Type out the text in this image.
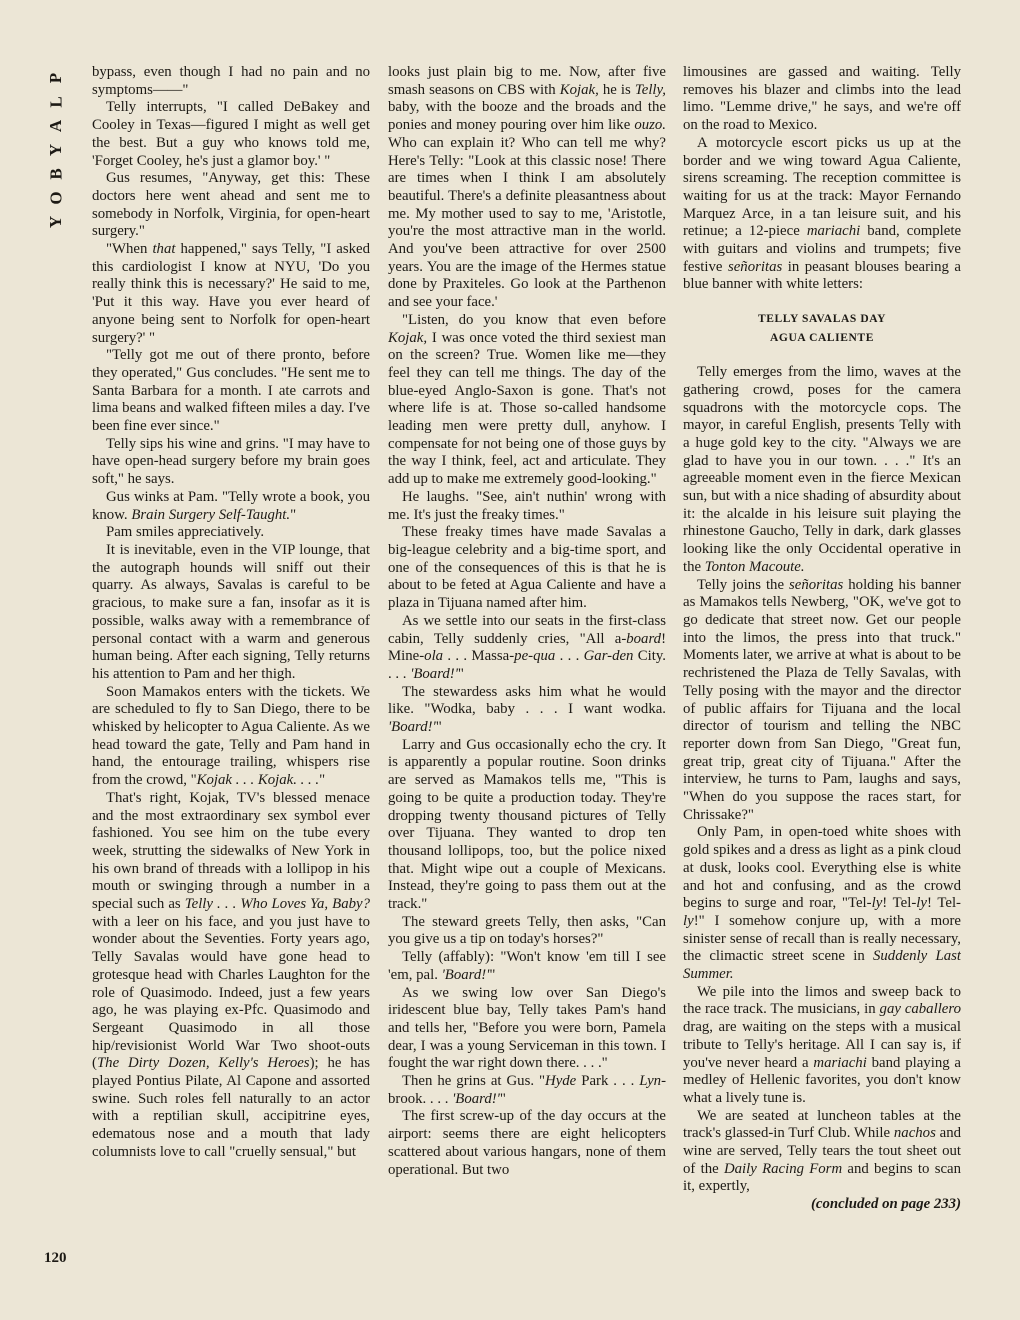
P
L
A
Y
B
O
Y

bypass, even though I had no pain and no symptoms——"

Telly interrupts, "I called DeBakey and Cooley in Texas—figured I might as well get the best. But a guy who knows told me, 'Forget Cooley, he's just a glamor boy.' "

Gus resumes, "Anyway, get this: These doctors here went ahead and sent me to somebody in Norfolk, Virginia, for open-heart surgery."

"When that happened," says Telly, "I asked this cardiologist I know at NYU, 'Do you really think this is necessary?' He said to me, 'Put it this way. Have you ever heard of anyone being sent to Norfolk for open-heart surgery?' "

"Telly got me out of there pronto, before they operated," Gus concludes. "He sent me to Santa Barbara for a month. I ate carrots and lima beans and walked fifteen miles a day. I've been fine ever since."

Telly sips his wine and grins. "I may have to have open-head surgery before my brain goes soft," he says.

Gus winks at Pam. "Telly wrote a book, you know. Brain Surgery Self-Taught."

Pam smiles appreciatively.

It is inevitable, even in the VIP lounge, that the autograph hounds will sniff out their quarry. As always, Savalas is careful to be gracious, to make sure a fan, insofar as it is possible, walks away with a remembrance of personal contact with a warm and generous human being. After each signing, Telly returns his attention to Pam and her thigh.

Soon Mamakos enters with the tickets. We are scheduled to fly to San Diego, there to be whisked by helicopter to Agua Caliente. As we head toward the gate, Telly and Pam hand in hand, the entourage trailing, whispers rise from the crowd, "Kojak . . . Kojak. . . ."

That's right, Kojak, TV's blessed menace and the most extraordinary sex symbol ever fashioned. You see him on the tube every week, strutting the sidewalks of New York in his own brand of threads with a lollipop in his mouth or swinging through a number in a special such as Telly . . . Who Loves Ya, Baby? with a leer on his face, and you just have to wonder about the Seventies. Forty years ago, Telly Savalas would have gone head to grotesque head with Charles Laughton for the role of Quasimodo. Indeed, just a few years ago, he was playing ex-Pfc. Quasimodo and Sergeant Quasimodo in all those hip/revisionist World War Two shoot-outs (The Dirty Dozen, Kelly's Heroes); he has played Pontius Pilate, Al Capone and assorted swine. Such roles fell naturally to an actor with a reptilian skull, accipitrine eyes, edematous nose and a mouth that lady columnists love to call "cruelly sensual," but

looks just plain big to me. Now, after five smash seasons on CBS with Kojak, he is Telly, baby, with the booze and the broads and the ponies and money pouring over him like ouzo. Who can explain it? Who can tell me why? Here's Telly: "Look at this classic nose! There are times when I think I am absolutely beautiful. There's a definite pleasantness about me. My mother used to say to me, 'Aristotle, you're the most attractive man in the world. And you've been attractive for over 2500 years. You are the image of the Hermes statue done by Praxiteles. Go look at the Parthenon and see your face.'

"Listen, do you know that even before Kojak, I was once voted the third sexiest man on the screen? True. Women like me—they feel they can tell me things. The day of the blue-eyed Anglo-Saxon is gone. That's not where life is at. Those so-called handsome leading men were pretty dull, anyhow. I compensate for not being one of those guys by the way I think, feel, act and articulate. They add up to make me extremely good-looking."

He laughs. "See, ain't nuthin' wrong with me. It's just the freaky times."

These freaky times have made Savalas a big-league celebrity and a big-time sport, and one of the consequences of this is that he is about to be feted at Agua Caliente and have a plaza in Tijuana named after him.

As we settle into our seats in the first-class cabin, Telly suddenly cries, "All a-board! Mine-ola . . . Massa-pe-qua . . . Gar-den City. . . . 'Board!'"

The stewardess asks him what he would like. "Wodka, baby . . . I want wodka. 'Board!'"

Larry and Gus occasionally echo the cry. It is apparently a popular routine. Soon drinks are served as Mamakos tells me, "This is going to be quite a production today. They're dropping twenty thousand pictures of Telly over Tijuana. They wanted to drop ten thousand lollipops, too, but the police nixed that. Might wipe out a couple of Mexicans. Instead, they're going to pass them out at the track."

The steward greets Telly, then asks, "Can you give us a tip on today's horses?"

Telly (affably): "Won't know 'em till I see 'em, pal. 'Board!'"

As we swing low over San Diego's iridescent blue bay, Telly takes Pam's hand and tells her, "Before you were born, Pamela dear, I was a young Serviceman in this town. I fought the war right down there. . . ."

Then he grins at Gus. "Hyde Park . . . Lyn-brook. . . . 'Board!'"

The first screw-up of the day occurs at the airport: seems there are eight helicopters scattered about various hangars, none of them operational. But two

limousines are gassed and waiting. Telly removes his blazer and climbs into the lead limo. "Lemme drive," he says, and we're off on the road to Mexico.

A motorcycle escort picks us up at the border and we wing toward Agua Caliente, sirens screaming. The reception committee is waiting for us at the track: Mayor Fernando Marquez Arce, in a tan leisure suit, and his retinue; a 12-piece mariachi band, complete with guitars and violins and trumpets; five festive señoritas in peasant blouses bearing a blue banner with white letters:

TELLY SAVALAS DAY
AGUA CALIENTE

Telly emerges from the limo, waves at the gathering crowd, poses for the camera squadrons with the motorcycle cops. The mayor, in careful English, presents Telly with a huge gold key to the city. "Always we are glad to have you in our town. . . ." It's an agreeable moment even in the fierce Mexican sun, but with a nice shading of absurdity about it: the alcalde in his leisure suit playing the rhinestone Gaucho, Telly in dark, dark glasses looking like the only Occidental operative in the Tonton Macoute.

Telly joins the señoritas holding his banner as Mamakos tells Newberg, "OK, we've got to go dedicate that street now. Get our people into the limos, the press into that truck." Moments later, we arrive at what is about to be rechristened the Plaza de Telly Savalas, with Telly posing with the mayor and the director of public affairs for Tijuana and the local director of tourism and telling the NBC reporter down from San Diego, "Great fun, great trip, great city of Tijuana." After the interview, he turns to Pam, laughs and says, "When do you suppose the races start, for Chrissake?"

Only Pam, in open-toed white shoes with gold spikes and a dress as light as a pink cloud at dusk, looks cool. Everything else is white and hot and confusing, and as the crowd begins to surge and roar, "Tel-ly! Tel-ly! Tel-ly!" I somehow conjure up, with a more sinister sense of recall than is really necessary, the climactic street scene in Suddenly Last Summer.

We pile into the limos and sweep back to the race track. The musicians, in gay caballero drag, are waiting on the steps with a musical tribute to Telly's heritage. All I can say is, if you've never heard a mariachi band playing a medley of Hellenic favorites, you don't know what a lively tune is.

We are seated at luncheon tables at the track's glassed-in Turf Club. While nachos and wine are served, Telly tears the tout sheet out of the Daily Racing Form and begins to scan it, expertly,

(concluded on page 233)

120
